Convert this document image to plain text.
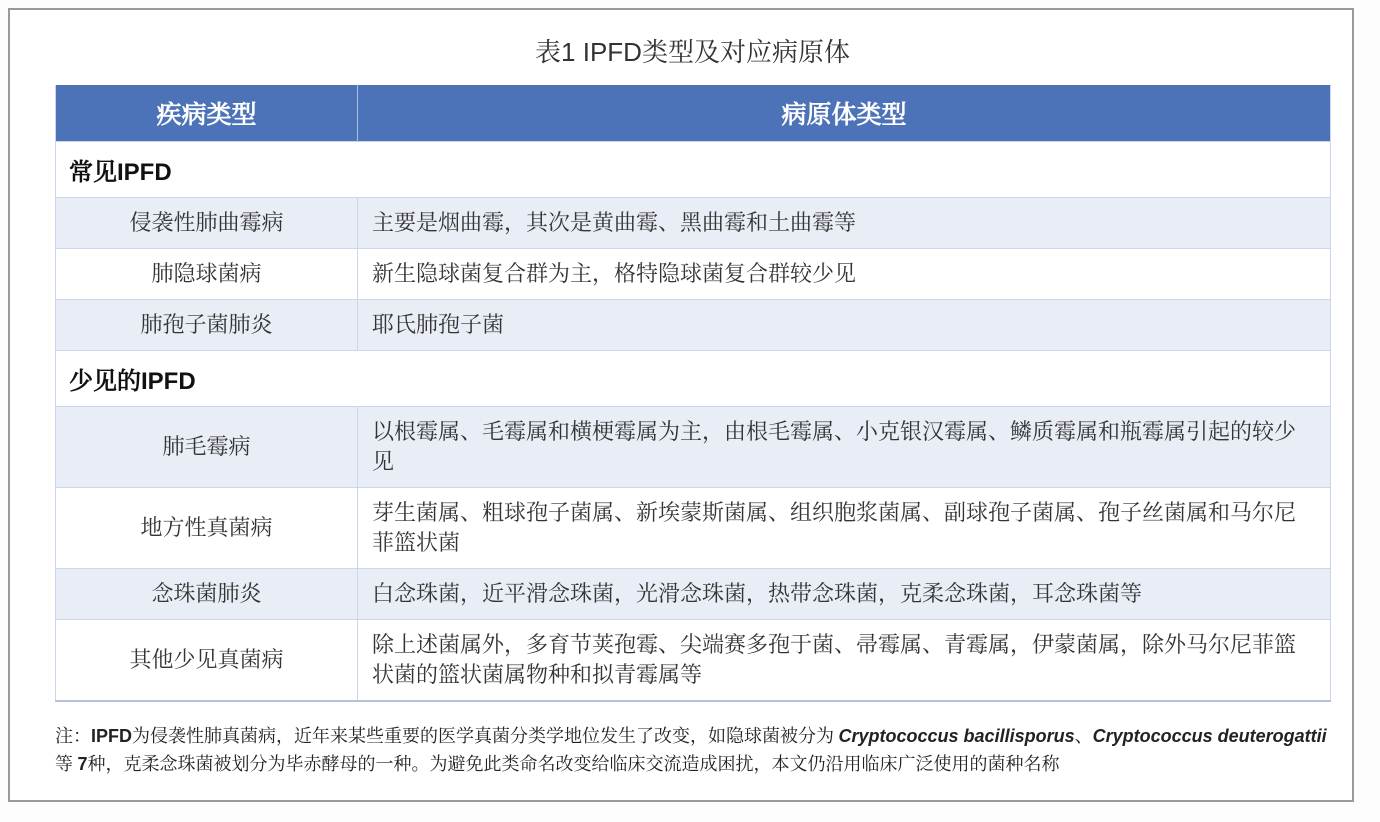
表1 IPFD类型及对应病原体
疾病类型	病原体类型
常见IPFD	
侵袭性肺曲霉病	主要是烟曲霉，其次是黄曲霉、黑曲霉和土曲霉等
肺隐球菌病	新生隐球菌复合群为主，格特隐球菌复合群较少见
肺孢子菌肺炎	耶氏肺孢子菌
少见的IPFD	
肺毛霉病	以根霉属、毛霉属和横梗霉属为主，由根毛霉属、小克银汉霉属、鳞质霉属和瓶霉属引起的较少见
地方性真菌病	芽生菌属、粗球孢子菌属、新埃蒙斯菌属、组织胞浆菌属、副球孢子菌属、孢子丝菌属和马尔尼菲篮状菌
念珠菌肺炎	白念珠菌，近平滑念珠菌，光滑念珠菌，热带念珠菌，克柔念珠菌，耳念珠菌等
其他少见真菌病	除上述菌属外，多育节荚孢霉、尖端赛多孢于菌、帚霉属、青霉属，伊蒙菌属，除外马尔尼菲篮状菌的篮状菌属物种和拟青霉属等
注：IPFD为侵袭性肺真菌病，近年来某些重要的医学真菌分类学地位发生了改变，如隐球菌被分为 Cryptococcus bacillisporus、Cryptococcus deuterogattii等 7种，克柔念珠菌被划分为毕赤酵母的一种。为避免此类命名改变给临床交流造成困扰，本文仍沿用临床广泛使用的菌种名称
